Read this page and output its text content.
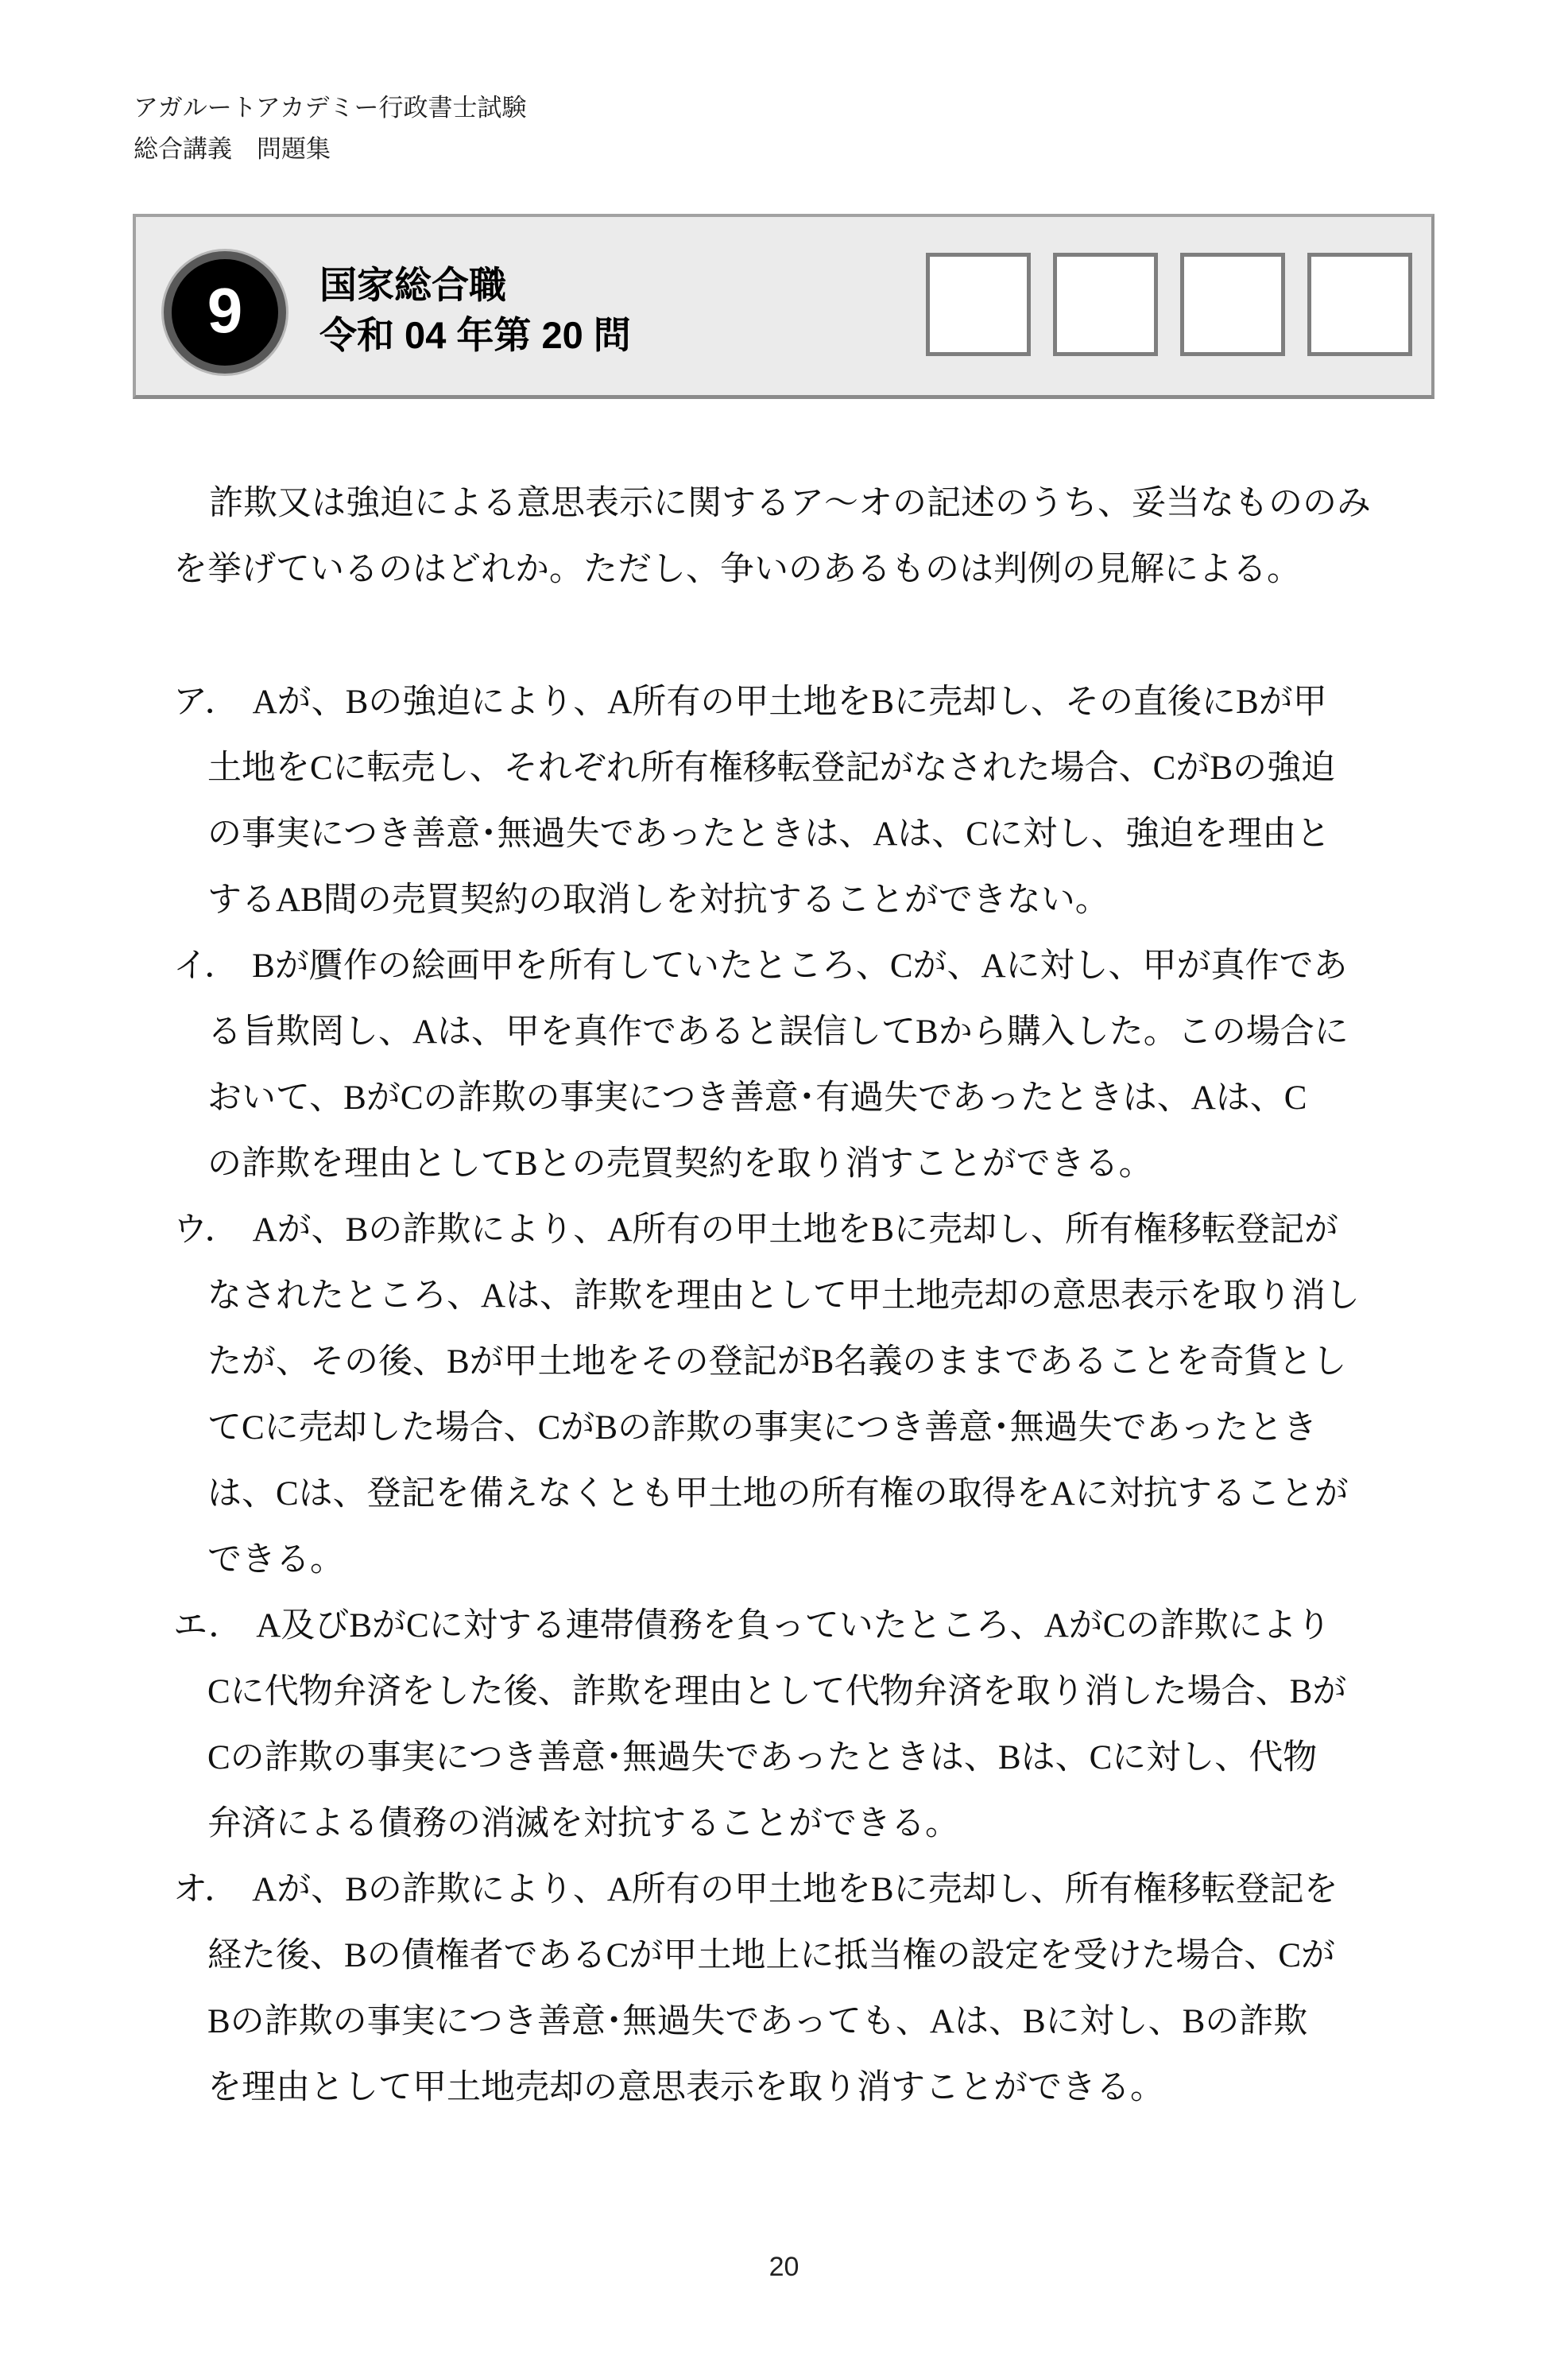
アガルートアカデミー行政書士試験
総合講義　問題集
9 国家総合職
令和 04 年第 20 問
詐欺又は強迫による意思表示に関するア～オの記述のうち、妥当なもののみ
を挙げているのはどれか。ただし、争いのあるものは判例の見解による。
ア． Aが、Bの強迫により、A所有の甲土地をBに売却し、その直後にBが甲
土地をCに転売し、それぞれ所有権移転登記がなされた場合、CがBの強迫
の事実につき善意･無過失であったときは、Aは、Cに対し、強迫を理由と
するAB間の売買契約の取消しを対抗することができない。
イ． Bが贋作の絵画甲を所有していたところ、Cが、Aに対し、甲が真作であ
る旨欺罔し、Aは、甲を真作であると誤信してBから購入した。この場合に
おいて、BがCの詐欺の事実につき善意･有過失であったときは、Aは、C
の詐欺を理由としてBとの売買契約を取り消すことができる。
ウ． Aが、Bの詐欺により、A所有の甲土地をBに売却し、所有権移転登記が
なされたところ、Aは、詐欺を理由として甲土地売却の意思表示を取り消し
たが、その後、Bが甲土地をその登記がB名義のままであることを奇貨とし
てCに売却した場合、CがBの詐欺の事実につき善意･無過失であったとき
は、Cは、登記を備えなくとも甲土地の所有権の取得をAに対抗することが
できる。
エ． A及びBがCに対する連帯債務を負っていたところ、AがCの詐欺により
Cに代物弁済をした後、詐欺を理由として代物弁済を取り消した場合、Bが
Cの詐欺の事実につき善意･無過失であったときは、Bは、Cに対し、代物
弁済による債務の消滅を対抗することができる。
オ． Aが、Bの詐欺により、A所有の甲土地をBに売却し、所有権移転登記を
経た後、Bの債権者であるCが甲土地上に抵当権の設定を受けた場合、Cが
Bの詐欺の事実につき善意･無過失であっても、Aは、Bに対し、Bの詐欺
を理由として甲土地売却の意思表示を取り消すことができる。
20
